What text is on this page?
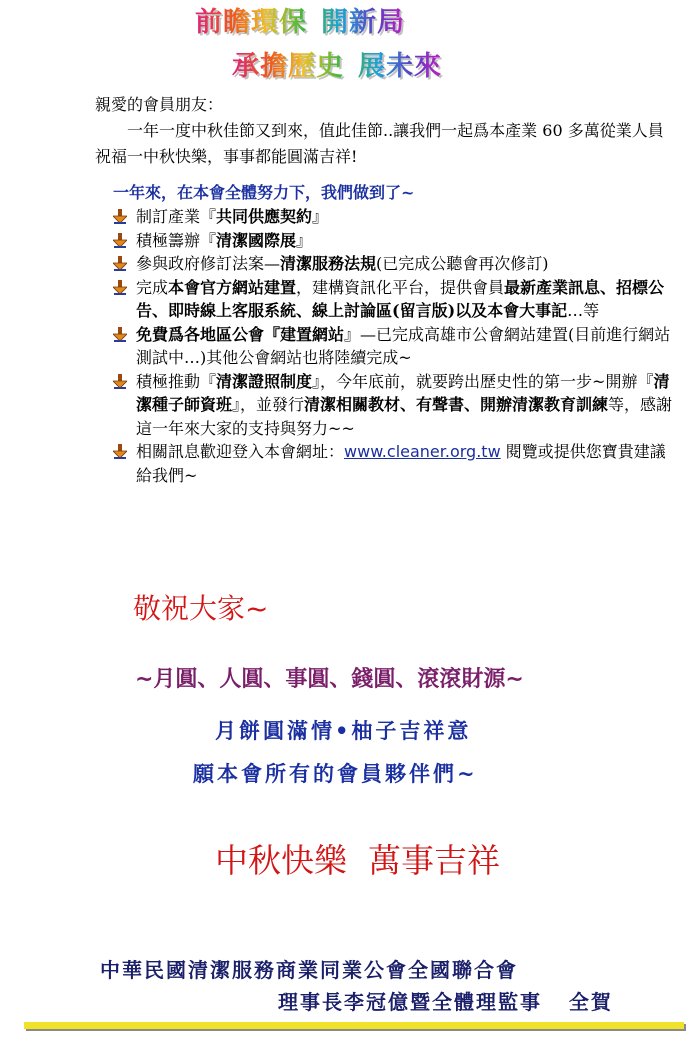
前瞻環保 開新局
承擔歷史 展未來
親愛的會員朋友：
一年一度中秋佳節又到來，值此佳節..讓我們一起爲本產業 60 多萬從業人員祝福一中秋快樂，事事都能圓滿吉祥!
一年來，在本會全體努力下，我們做到了~
制訂產業『共同供應契約』
積極籌辦『清潔國際展』
參與政府修訂法案—清潔服務法規(已完成公聽會再次修訂)
完成本會官方網站建置，建構資訊化平台，提供會員最新產業訊息、招標公告、即時線上客服系統、線上討論區(留言版)以及本會大事記…等
免費爲各地區公會『建置網站』—已完成高雄市公會網站建置(目前進行網站測試中…)其他公會網站也將陸續完成~
積極推動『清潔證照制度』，今年底前，就要跨出歷史性的第一步~開辦『清潔種子師資班』，並發行清潔相關教材、有聲書、開辦清潔教育訓練等，感謝這一年來大家的支持與努力~~
相關訊息歡迎登入本會網址：www.cleaner.org.tw 閱覽或提供您寶貴建議給我們~
敬祝大家~
~月圓、人圓、事圓、錢圓、滾滾財源~
月餅圓滿情•柚子吉祥意
願本會所有的會員夥伴們~
中秋快樂  萬事吉祥
中華民國清潔服務商業同業公會全國聯合會
理事長李冠億暨全體理監事   全賀
